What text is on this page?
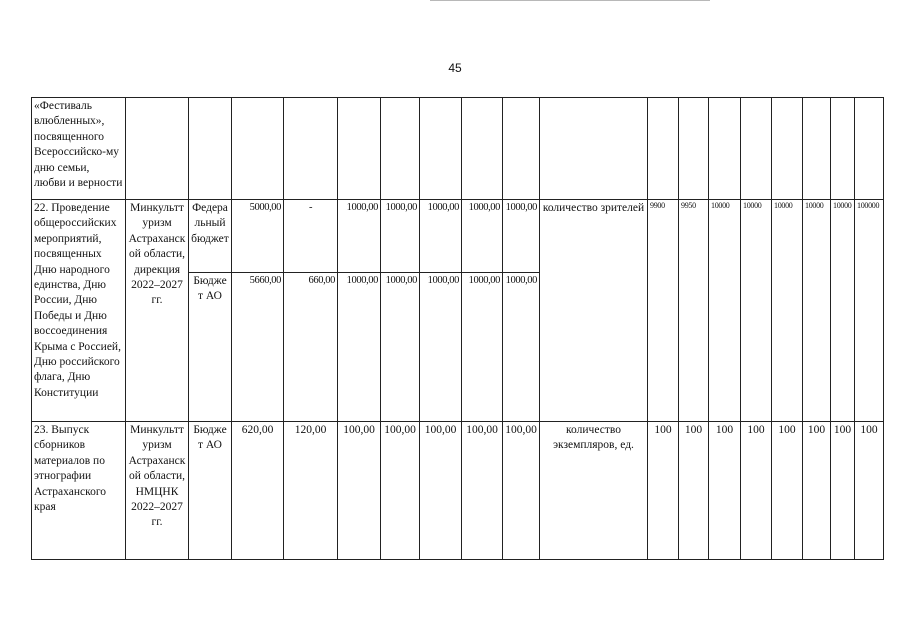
45
«Фестиваль влюбленных», посвященного Всероссийско-му дню семьи, любви и верности																		
22. Проведение общероссийских мероприятий, посвященных Дню народного единства, Дню России, Дню Победы и Дню воссоединения Крыма с Россией, Дню российского флага, Дню Конституции	Минкульттуризм Астраханской области, дирекция 2022–2027 гг.	Федеральный бюджет	5000,00	-	1000,00	1000,00	1000,00	1000,00	1000,00	количество зрителей	9900	9950	10000	10000	10000	10000	10000	100000
		Бюджет АО	5660,00	660,00	1000,00	1000,00	1000,00	1000,00	1000,00									
23. Выпуск сборников материалов по этнографии Астраханского края	Минкульттуризм Астраханской области, НМЦНК 2022–2027 гг.	Бюджет АО	620,00	120,00	100,00	100,00	100,00	100,00	100,00	количество экземпляров, ед.	100	100	100	100	100	100	100	100
